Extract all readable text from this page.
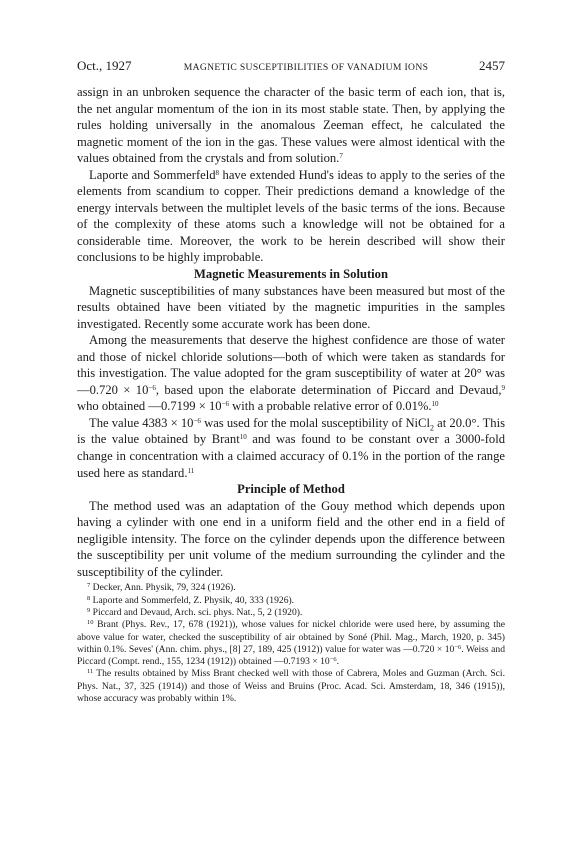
Oct., 1927	MAGNETIC SUSCEPTIBILITIES OF VANADIUM IONS	2457

assign in an unbroken sequence the character of the basic term of each ion, that is, the net angular momentum of the ion in its most stable state. Then, by applying the rules holding universally in the anomalous Zeeman effect, he calculated the magnetic moment of the ion in the gas. These values were almost identical with the values obtained from the crystals and from solution.$^7$

Laporte and Sommerfeld$^8$ have extended Hund's ideas to apply to the series of the elements from scandium to copper. Their predictions demand a knowledge of the energy intervals between the multiplet levels of the basic terms of the ions. Because of the complexity of these atoms such a knowledge will not be obtained for a considerable time. Moreover, the work to be herein described will show their conclusions to be highly improbable.

Magnetic Measurements in Solution

Magnetic susceptibilities of many substances have been measured but most of the results obtained have been vitiated by the magnetic impurities in the samples investigated. Recently some accurate work has been done.

Among the measurements that deserve the highest confidence are those of water and those of nickel chloride solutions—both of which were taken as standards for this investigation. The value adopted for the gram susceptibility of water at 20° was —0.720 × $10^{-6}$, based upon the elaborate determination of Piccard and Devaud,$^9$ who obtained —0.7199 × $10^{-6}$ with a probable relative error of 0.01%.$^{10}$

The value $4383 \times 10^{-6}$ was used for the molal susceptibility of NiCl$_2$ at 20.0°. This is the value obtained by Brant$^{10}$ and was found to be constant over a 3000-fold change in concentration with a claimed accuracy of 0.1% in the portion of the range used here as standard.$^{11}$

Principle of Method

The method used was an adaptation of the Gouy method which depends upon having a cylinder with one end in a uniform field and the other end in a field of negligible intensity. The force on the cylinder depends upon the difference between the susceptibility per unit volume of the medium surrounding the cylinder and the susceptibility of the cylinder.

$^7$ Decker, Ann. Physik, 79, 324 (1926).

$^8$ Laporte and Sommerfeld, Z. Physik, 40, 333 (1926).

$^9$ Piccard and Devaud, Arch. sci. phys. Nat., 5, 2 (1920).

$^{10}$ Brant (Phys. Rev., 17, 678 (1921)), whose values for nickel chloride were used here, by assuming the above value for water, checked the susceptibility of air obtained by Soné (Phil. Mag., March, 1920, p. 345) within 0.1%. Seves' (Ann. chim. phys., [8] 27, 189, 425 (1912)) value for water was —0.720 × $10^{-6}$. Weiss and Piccard (Compt. rend., 155, 1234 (1912)) obtained —0.7193 × $10^{-6}$.

$^{11}$ The results obtained by Miss Brant checked well with those of Cabrera, Moles and Guzman (Arch. Sci. Phys. Nat., 37, 325 (1914)) and those of Weiss and Bruins (Proc. Acad. Sci. Amsterdam, 18, 346 (1915)), whose accuracy was probably within 1%.
